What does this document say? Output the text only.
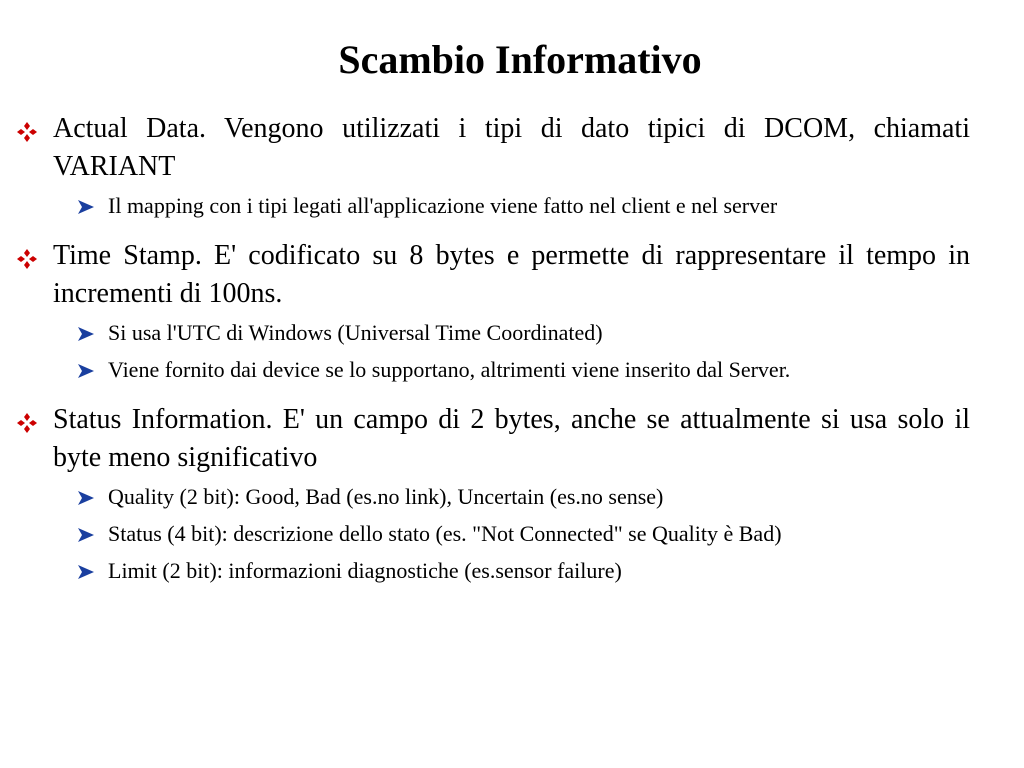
Scambio Informativo
Actual Data. Vengono utilizzati i tipi di dato tipici di DCOM, chiamati VARIANT
Il mapping con i tipi legati all'applicazione viene fatto nel client e nel server
Time Stamp. E' codificato su 8 bytes e permette di rappresentare il tempo in incrementi di 100ns.
Si usa l'UTC di Windows (Universal Time Coordinated)
Viene fornito dai device se lo supportano, altrimenti viene inserito dal Server.
Status Information. E' un campo di 2 bytes, anche se attualmente si usa solo il byte meno significativo
Quality (2 bit): Good, Bad (es.no link), Uncertain (es.no sense)
Status (4 bit): descrizione dello stato (es. "Not Connected" se Quality è Bad)
Limit (2 bit): informazioni diagnostiche (es.sensor failure)
